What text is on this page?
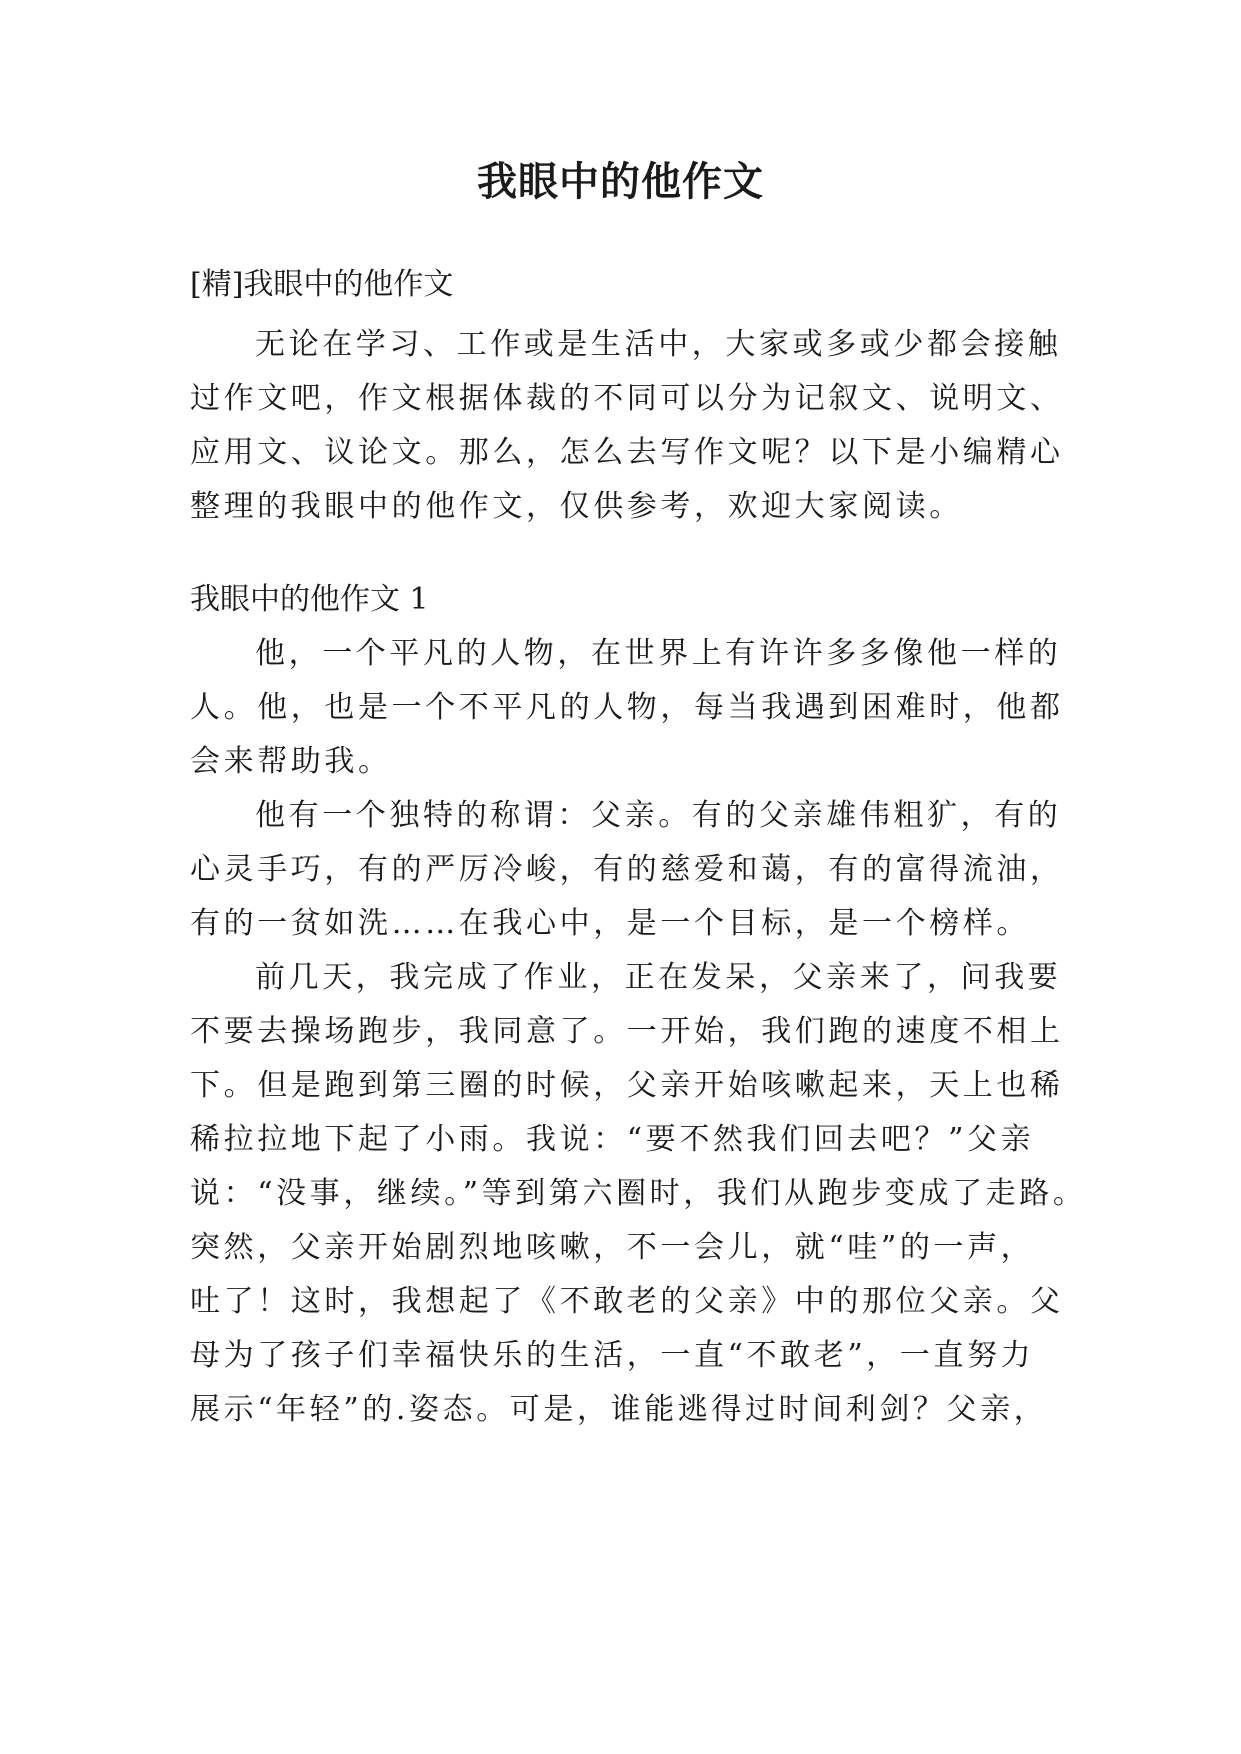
我眼中的他作文

[精]我眼中的他作文

无论在学习、工作或是生活中，大家或多或少都会接触

过作文吧，作文根据体裁的不同可以分为记叙文、说明文、

应用文、议论文。那么，怎么去写作文呢？以下是小编精心

整理的我眼中的他作文，仅供参考，欢迎大家阅读。

我眼中的他作文 1

他，一个平凡的人物，在世界上有许许多多像他一样的

人。他，也是一个不平凡的人物，每当我遇到困难时，他都

会来帮助我。

他有一个独特的称谓：父亲。有的父亲雄伟粗犷，有的

心灵手巧，有的严厉冷峻，有的慈爱和蔼，有的富得流油，

有的一贫如洗……在我心中，是一个目标，是一个榜样。

前几天，我完成了作业，正在发呆，父亲来了，问我要

不要去操场跑步，我同意了。一开始，我们跑的速度不相上

下。但是跑到第三圈的时候，父亲开始咳嗽起来，天上也稀

稀拉拉地下起了小雨。我说：“要不然我们回去吧？”父亲

说：“没事，继续。”等到第六圈时，我们从跑步变成了走路。

突然，父亲开始剧烈地咳嗽，不一会儿，就“哇”的一声，

吐了！这时，我想起了《不敢老的父亲》中的那位父亲。父

母为了孩子们幸福快乐的生活，一直“不敢老”，一直努力

展示“年轻”的.姿态。可是，谁能逃得过时间利剑？父亲，
